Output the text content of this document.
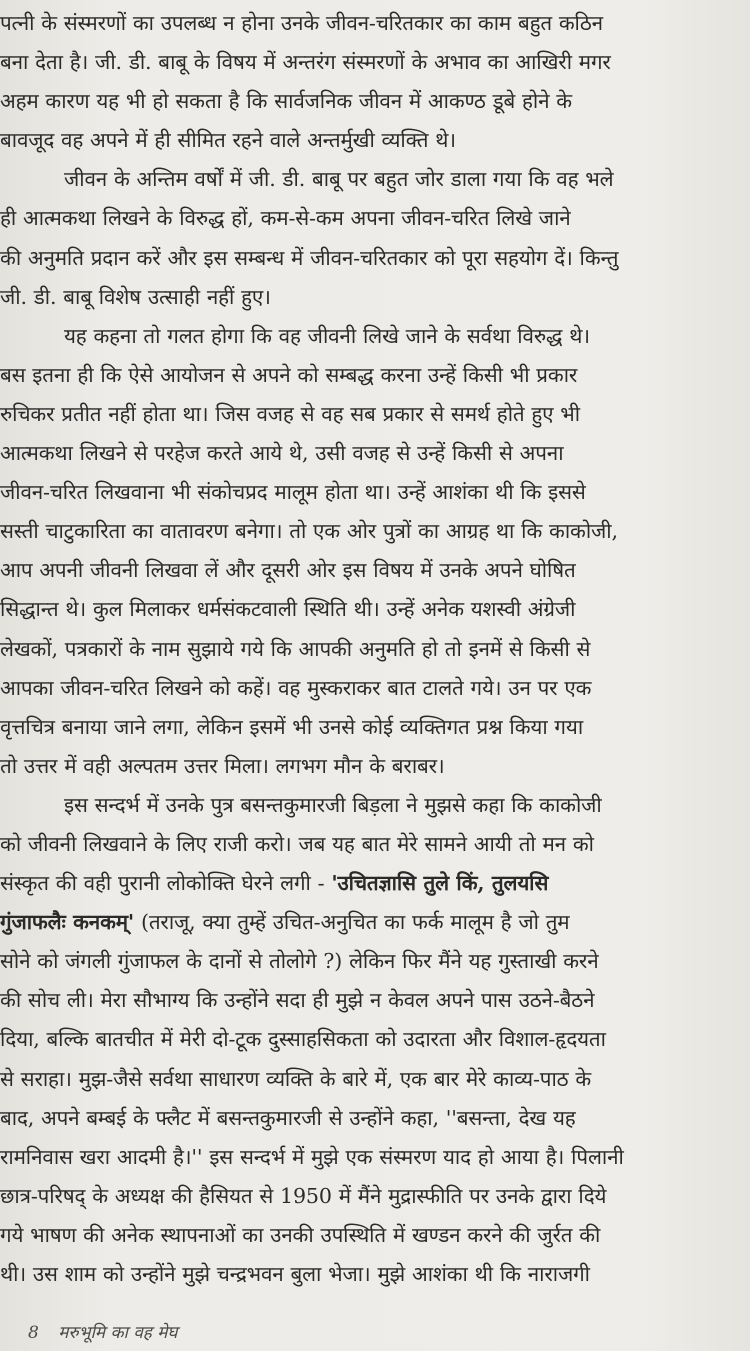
पत्नी के संस्मरणों का उपलब्ध न होना उनके जीवन-चरितकार का काम बहुत कठिन
बना देता है। जी. डी. बाबू के विषय में अन्तरंग संस्मरणों के अभाव का आखिरी मगर
अहम कारण यह भी हो सकता है कि सार्वजनिक जीवन में आकण्ठ डूबे होने के
बावजूद वह अपने में ही सीमित रहने वाले अन्तर्मुखी व्यक्ति थे।
जीवन के अन्तिम वर्षों में जी. डी. बाबू पर बहुत जोर डाला गया कि वह भले
ही आत्मकथा लिखने के विरुद्ध हों, कम-से-कम अपना जीवन-चरित लिखे जाने
की अनुमति प्रदान करें और इस सम्बन्ध में जीवन-चरितकार को पूरा सहयोग दें। किन्तु
जी. डी. बाबू विशेष उत्साही नहीं हुए।
यह कहना तो गलत होगा कि वह जीवनी लिखे जाने के सर्वथा विरुद्ध थे।
बस इतना ही कि ऐसे आयोजन से अपने को सम्बद्ध करना उन्हें किसी भी प्रकार
रुचिकर प्रतीत नहीं होता था। जिस वजह से वह सब प्रकार से समर्थ होते हुए भी
आत्मकथा लिखने से परहेज करते आये थे, उसी वजह से उन्हें किसी से अपना
जीवन-चरित लिखवाना भी संकोचप्रद मालूम होता था। उन्हें आशंका थी कि इससे
सस्ती चाटुकारिता का वातावरण बनेगा। तो एक ओर पुत्रों का आग्रह था कि काकोजी,
आप अपनी जीवनी लिखवा लें और दूसरी ओर इस विषय में उनके अपने घोषित
सिद्धान्त थे। कुल मिलाकर धर्मसंकटवाली स्थिति थी। उन्हें अनेक यशस्वी अंग्रेजी
लेखकों, पत्रकारों के नाम सुझाये गये कि आपकी अनुमति हो तो इनमें से किसी से
आपका जीवन-चरित लिखने को कहें। वह मुस्कराकर बात टालते गये। उन पर एक
वृत्तचित्र बनाया जाने लगा, लेकिन इसमें भी उनसे कोई व्यक्तिगत प्रश्न किया गया
तो उत्तर में वही अल्पतम उत्तर मिला। लगभग मौन के बराबर।
इस सन्दर्भ में उनके पुत्र बसन्तकुमारजी बिड़ला ने मुझसे कहा कि काकोजी
को जीवनी लिखवाने के लिए राजी करो। जब यह बात मेरे सामने आयी तो मन को
संस्कृत की वही पुरानी लोकोक्ति घेरने लगी - 'उचितज्ञासि तुले किं, तुलयसि
गुंजाफलैः कनकम्' (तराजू, क्या तुम्हें उचित-अनुचित का फर्क मालूम है जो तुम
सोने को जंगली गुंजाफल के दानों से तोलोगे ?) लेकिन फिर मैंने यह गुस्ताखी करने
की सोच ली। मेरा सौभाग्य कि उन्होंने सदा ही मुझे न केवल अपने पास उठने-बैठने
दिया, बल्कि बातचीत में मेरी दो-टूक दुस्साहसिकता को उदारता और विशाल-हृदयता
से सराहा। मुझ-जैसे सर्वथा साधारण व्यक्ति के बारे में, एक बार मेरे काव्य-पाठ के
बाद, अपने बम्बई के फ्लैट में बसन्तकुमारजी से उन्होंने कहा, ''बसन्ता, देख यह
रामनिवास खरा आदमी है।'' इस सन्दर्भ में मुझे एक संस्मरण याद हो आया है। पिलानी
छात्र-परिषद् के अध्यक्ष की हैसियत से 1950 में मैंने मुद्रास्फीति पर उनके द्वारा दिये
गये भाषण की अनेक स्थापनाओं का उनकी उपस्थिति में खण्डन करने की जुर्रत की
थी। उस शाम को उन्होंने मुझे चन्द्रभवन बुला भेजा। मुझे आशंका थी कि नाराजगी
8 मरुभूमि का वह मेघ
